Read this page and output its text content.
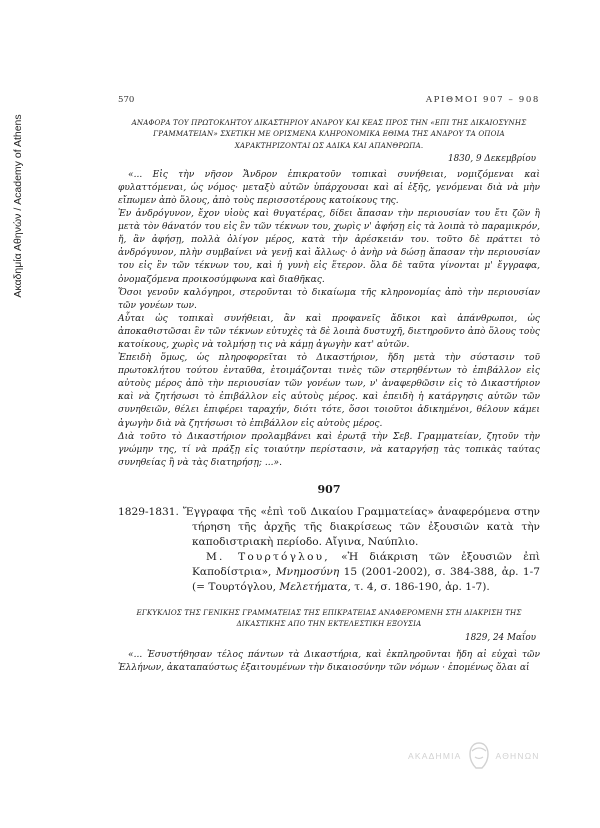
Ακαδημία Αθηνών / Academy of Athens
570	ΑΡΙΘΜΟΙ 907 – 908
ΑΝΑΦΟΡΑ ΤΟΥ ΠΡΩΤΟΚΛΗΤΟΥ ΔΙΚΑΣΤΗΡΙΟΥ ΑΝΔΡΟΥ ΚΑΙ ΚΕΑΣ ΠΡΟΣ ΤΗΝ «ΕΠΙ ΤΗΣ ΔΙΚΑΙΟΣΥΝΗΣ ΓΡΑΜΜΑΤΕΙΑΝ» ΣΧΕΤΙΚΗ ΜΕ ΟΡΙΣΜΕΝΑ ΚΛΗΡΟΝΟΜΙΚΑ ΕΘΙΜΑ ΤΗΣ ΑΝΔΡΟΥ ΤΑ ΟΠΟΙΑ ΧΑΡΑΚΤΗΡΙΖΟΝΤΑΙ ΩΣ ΑΔΙΚΑ ΚΑΙ ΑΠΑΝΘΡΩΠΑ.
1830, 9 Δεκεμβρίου

«... Εἰς τὴν νῆσον Ἄνδρον ἐπικρατοῦν τοπικαὶ συνήθειαι, νομιζόμεναι καὶ φυλαττόμεναι, ὡς νόμος· μεταξὺ αὐτῶν ὑπάρχουσαι καὶ αἱ ἑξῆς, γενόμεναι διὰ νὰ μὴν εἴπωμεν ἀπὸ ὅλους, ἀπὸ τοὺς περισσοτέρους κατοίκους της.

Ἐν ἀνδρόγυνον, ἔχον υἱοὺς καὶ θυγατέρας, δίδει ἅπασαν τὴν περιουσίαν του ἔτι ζῶν ἢ μετὰ τὸν θάνατόν του εἰς ἓν τῶν τέκνων του, χωρὶς ν' ἀφήσῃ εἰς τὰ λοιπὰ τὸ παραμικρόν, ἤ, ἂν ἀφήσῃ, πολλὰ ὀλίγον μέρος, κατὰ τὴν ἀρέσκειάν του. τοῦτο δὲ πράττει τὸ ἀνδρόγυνον, πλὴν συμβαίνει νὰ γενῇ καὶ ἄλλως· ὁ ἀνὴρ νὰ δώσῃ ἅπασαν τὴν περιουσίαν του εἰς ἓν τῶν τέκνων του, καὶ ἡ γυνὴ εἰς ἕτερον. ὅλα δὲ ταῦτα γίνονται μ' ἔγγραφα, ὀνομαζόμενα προικοσύμφωνα καὶ διαθῆκας.

Ὅσοι γενοῦν καλόγηροι, στεροῦνται τὸ δικαίωμα τῆς κληρονομίας ἀπὸ τὴν περιουσίαν τῶν γονέων των.

Αὗται ὡς τοπικαὶ συνήθειαι, ἂν καὶ προφανεῖς ἄδικοι καὶ ἀπάνθρωποι, ὡς ἀποκαθιστῶσαι ἓν τῶν τέκνων εὐτυχὲς τὰ δὲ λοιπὰ δυστυχῆ, διετηροῦντο ἀπὸ ὅλους τοὺς κατοίκους, χωρὶς νὰ τολμήσῃ τις νὰ κάμῃ ἀγωγὴν κατ' αὐτῶν.

Ἐπειδὴ ὅμως, ὡς πληροφορεῖται τὸ Δικαστήριον, ἤδη μετὰ τὴν σύστασιν τοῦ πρωτοκλήτου τούτου ἐνταῦθα, ἑτοιμάζονται τινὲς τῶν στερηθέντων τὸ ἐπιβάλλον εἰς αὐτοὺς μέρος ἀπὸ τὴν περιουσίαν τῶν γονέων των, ν' ἀναφερθῶσιν εἰς τὸ Δικαστήριον καὶ νὰ ζητήσωσι τὸ ἐπιβάλλον εἰς αὐτοὺς μέρος. καὶ ἐπειδὴ ἡ κατάργησις αὐτῶν τῶν συνηθειῶν, θέλει ἐπιφέρει ταραχήν, διότι τότε, ὅσοι τοιοῦτοι ἀδικημένοι, θέλουν κάμει ἀγωγὴν διὰ νὰ ζητήσωσι τὸ ἐπιβάλλον εἰς αὐτοὺς μέρος.

Διὰ τοῦτο τὸ Δικαστήριον προλαμβάνει καὶ ἐρωτᾷ τὴν Σεβ. Γραμματείαν, ζητοῦν τὴν γνώμην της, τί νὰ πράξῃ εἰς τοιαύτην περίστασιν, νὰ καταργήσῃ τὰς τοπικὰς ταύτας συνηθείας ἢ νὰ τὰς διατηρήσῃ; ...».

907
1829-1831. Ἔγγραφα τῆς «ἐπὶ τοῦ Δικαίου Γραμματείας» ἀναφερόμενα στην τήρηση τῆς ἀρχῆς τῆς διακρίσεως τῶν ἐξουσιῶν κατὰ τὴν καποδιστριακὴ περίοδο. Αἴγινα, Ναύπλιο.
Μ. Τουρτόγλου, «Ἡ διάκριση τῶν ἐξουσιῶν ἐπὶ Καποδίστρια», Μνημοσύνη 15 (2001-2002), σ. 384-388, ἀρ. 1-7 (= Τουρτόγλου, Μελετήματα, τ. 4, σ. 186-190, ἀρ. 1-7).
ΕΓΚΥΚΛΙΟΣ ΤΗΣ ΓΕΝΙΚΗΣ ΓΡΑΜΜΑΤΕΙΑΣ ΤΗΣ ΕΠΙΚΡΑΤΕΙΑΣ ΑΝΑΦΕΡΟΜΕΝΗ ΣΤΗ ΔΙΑΚΡΙΣΗ ΤΗΣ ΔΙΚΑΣΤΙΚΗΣ ΑΠΟ ΤΗΝ ΕΚΤΕΛΕΣΤΙΚΗ ΕΞΟΥΣΙΑ
1829, 24 Μαΐου

«... Ἐσυστήθησαν τέλος πάντων τὰ Δικαστήρια, καὶ ἐκπληροῦνται ἤδη αἱ εὐχαὶ τῶν Ἑλλήνων, ἀκαταπαύστως ἐξαιτουμένων τὴν δικαιοσύνην τῶν νόμων · ἐπομένως ὅλαι αἱ

ΑΚΑΔΗΜΙΑ	ΑΘΗΝΩΝ
